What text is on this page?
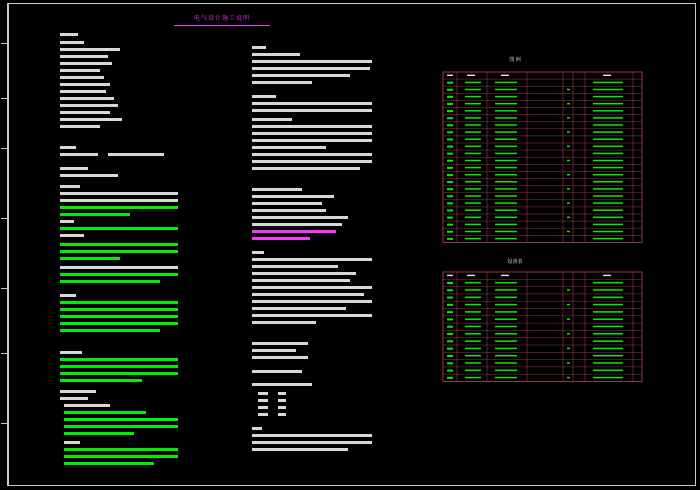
电气设计施工说明
图 例
设备表
